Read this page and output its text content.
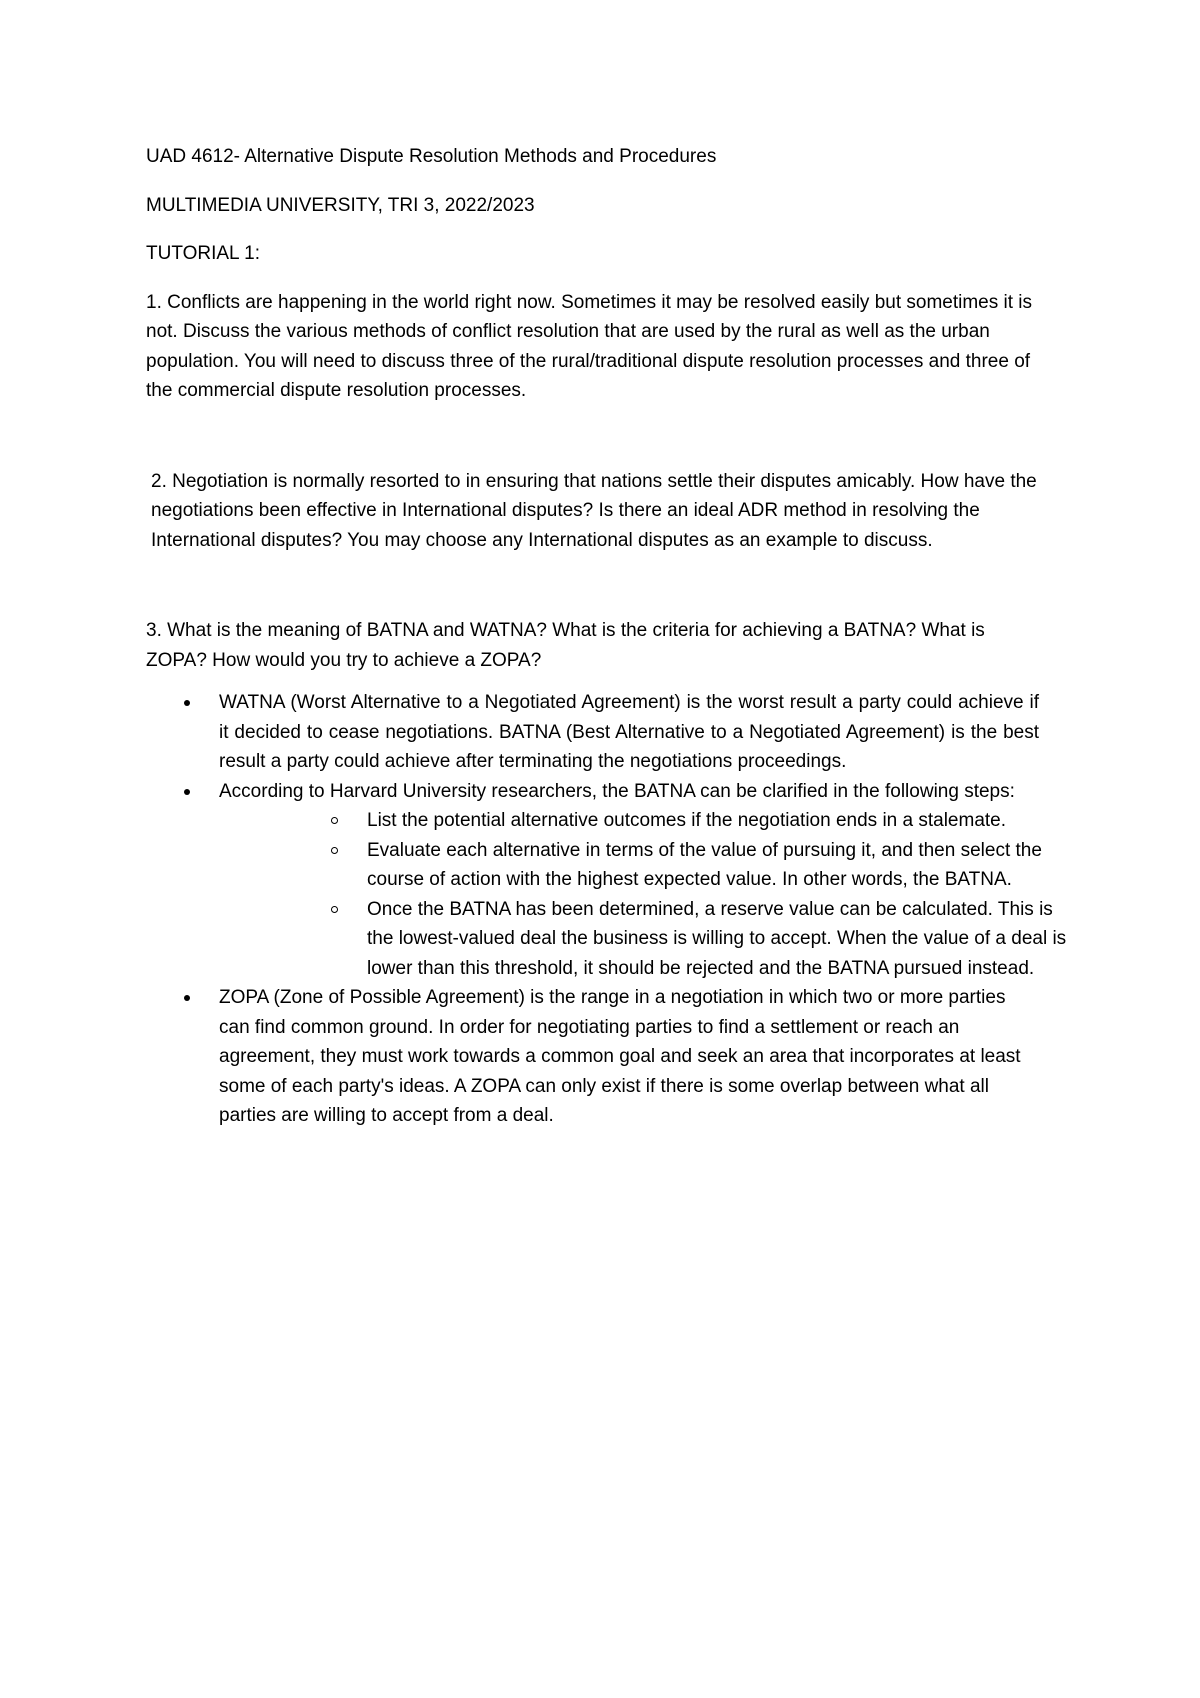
UAD 4612- Alternative Dispute Resolution Methods and Procedures

MULTIMEDIA UNIVERSITY, TRI 3, 2022/2023

TUTORIAL 1:

1. Conflicts are happening in the world right now. Sometimes it may be resolved easily but sometimes it is not. Discuss the various methods of conflict resolution that are used by the rural as well as the urban population. You will need to discuss three of the rural/traditional dispute resolution processes and three of the commercial dispute resolution processes.

2. Negotiation is normally resorted to in ensuring that nations settle their disputes amicably. How have the negotiations been effective in International disputes? Is there an ideal ADR method in resolving the International disputes? You may choose any International disputes as an example to discuss.

3. What is the meaning of BATNA and WATNA? What is the criteria for achieving a BATNA? What is ZOPA? How would you try to achieve a ZOPA?

WATNA (Worst Alternative to a Negotiated Agreement) is the worst result a party could achieve if it decided to cease negotiations. BATNA (Best Alternative to a Negotiated Agreement) is the best result a party could achieve after terminating the negotiations proceedings.
According to Harvard University researchers, the BATNA can be clarified in the following steps:
List the potential alternative outcomes if the negotiation ends in a stalemate.
Evaluate each alternative in terms of the value of pursuing it, and then select the course of action with the highest expected value. In other words, the BATNA.
Once the BATNA has been determined, a reserve value can be calculated. This is the lowest-valued deal the business is willing to accept. When the value of a deal is lower than this threshold, it should be rejected and the BATNA pursued instead.
ZOPA (Zone of Possible Agreement) is the range in a negotiation in which two or more parties can find common ground. In order for negotiating parties to find a settlement or reach an agreement, they must work towards a common goal and seek an area that incorporates at least some of each party's ideas. A ZOPA can only exist if there is some overlap between what all parties are willing to accept from a deal.
